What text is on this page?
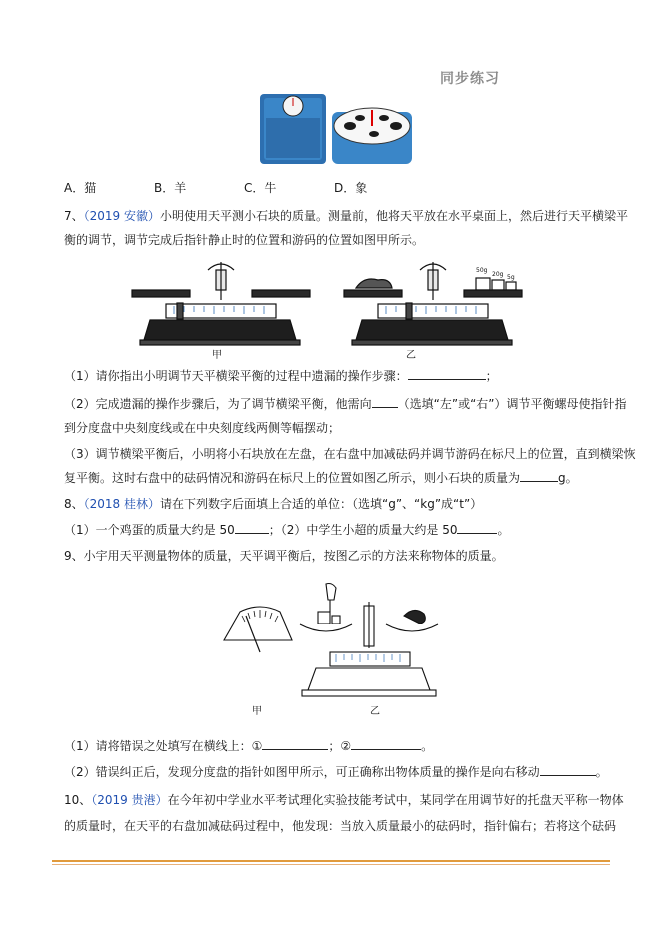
同步练习
A．猫	B．羊	C．牛	D．象
7、（2019 安徽）小明使用天平测小石块的质量。测量前，他将天平放在水平桌面上，然后进行天平横梁平
衡的调节，调节完成后指针静止时的位置和游码的位置如图甲所示。
甲	乙
50g
20g 5g
（1）请你指出小明调节天平横梁平衡的过程中遗漏的操作步骤：	；
（2）完成遗漏的操作步骤后，为了调节横梁平衡，他需向 （选填“左”或“右”）调节平衡螺母使指针指
到分度盘中央刻度线或在中央刻度线两侧等幅摆动；
（3）调节横梁平衡后，小明将小石块放在左盘，在右盘中加减砝码并调节游码在标尺上的位置，直到横梁恢
复平衡。这时右盘中的砝码情况和游码在标尺上的位置如图乙所示，则小石块的质量为	g。
8、（2018 桂林）请在下列数字后面填上合适的单位：（选填“g”、“kg”成“t”）
（1）一个鸡蛋的质量大约是 50	；（2）中学生小超的质量大约是 50	。
9、小宇用天平测量物体的质量，天平调平衡后，按图乙示的方法来称物体的质量。
甲	乙
（1）请将错误之处填写在横线上：①	；②	。
（2）错误纠正后，发现分度盘的指针如图甲所示，可正确称出物体质量的操作是向右移动	。
10、（2019 贵港）在今年初中学业水平考试理化实验技能考试中，某同学在用调节好的托盘天平称一物体
的质量时，在天平的右盘加减砝码过程中，他发现：当放入质量最小的砝码时，指针偏右；若将这个砝码
